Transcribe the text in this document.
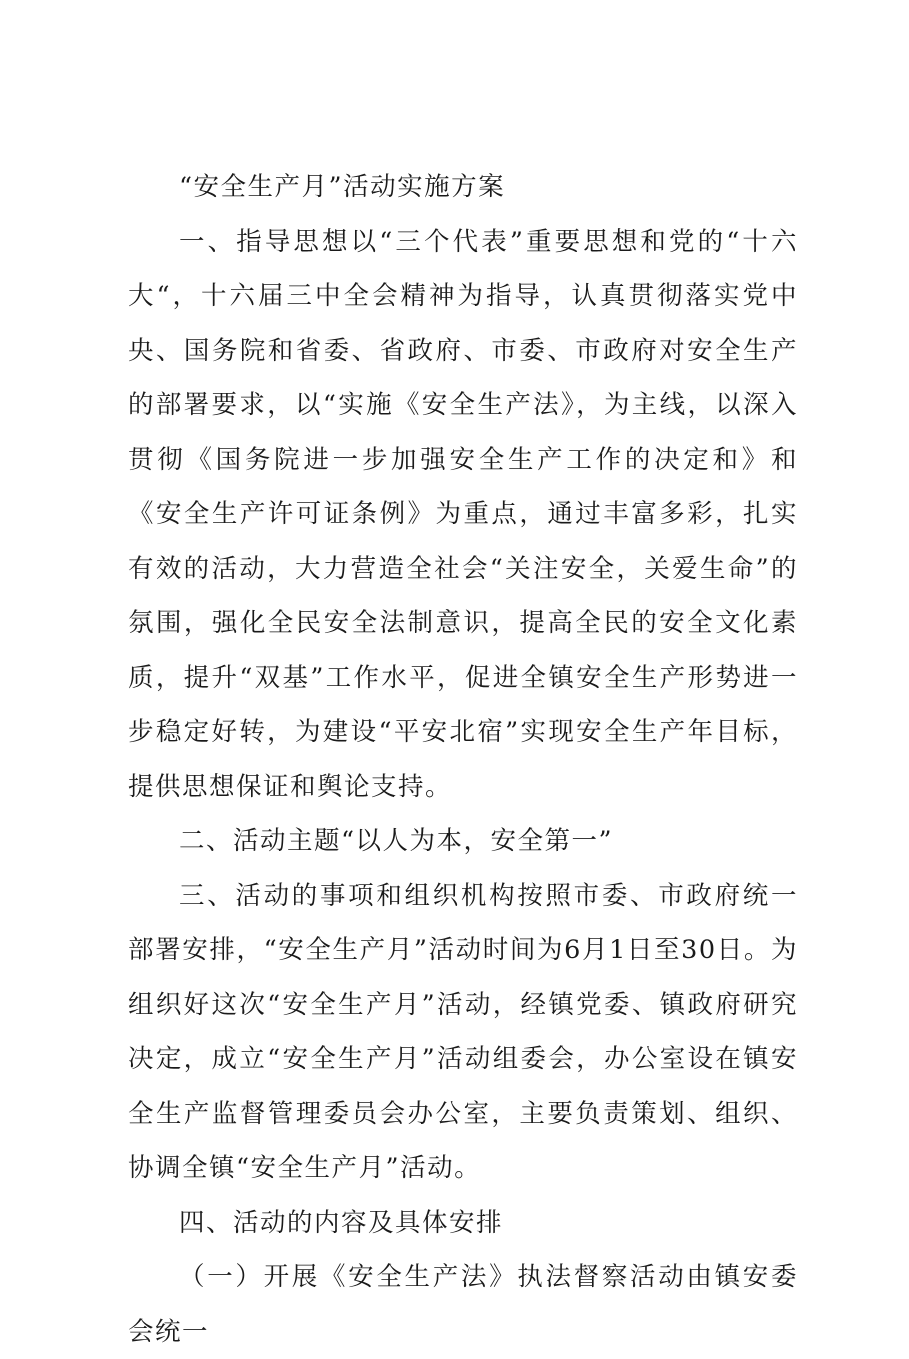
“安全生产月”活动实施方案

一、指导思想以“三个代表”重要思想和党的“十六大“，十六届三中全会精神为指导，认真贯彻落实党中央、国务院和省委、省政府、市委、市政府对安全生产的部署要求，以“实施《安全生产法》，为主线，以深入贯彻《国务院进一步加强安全生产工作的决定和》和《安全生产许可证条例》为重点，通过丰富多彩，扎实有效的活动，大力营造全社会“关注安全，关爱生命”的氛围，强化全民安全法制意识，提高全民的安全文化素质，提升“双基”工作水平，促进全镇安全生产形势进一步稳定好转，为建设“平安北宿”实现安全生产年目标，提供思想保证和舆论支持。

二、活动主题“以人为本，安全第一”

三、活动的事项和组织机构按照市委、市政府统一部署安排，“安全生产月”活动时间为6月1日至30日。为组织好这次“安全生产月”活动，经镇党委、镇政府研究决定，成立“安全生产月”活动组委会，办公室设在镇安全生产监督管理委员会办公室，主要负责策划、组织、协调全镇“安全生产月”活动。

四、活动的内容及具体安排

（一）开展《安全生产法》执法督察活动由镇安委会统一
